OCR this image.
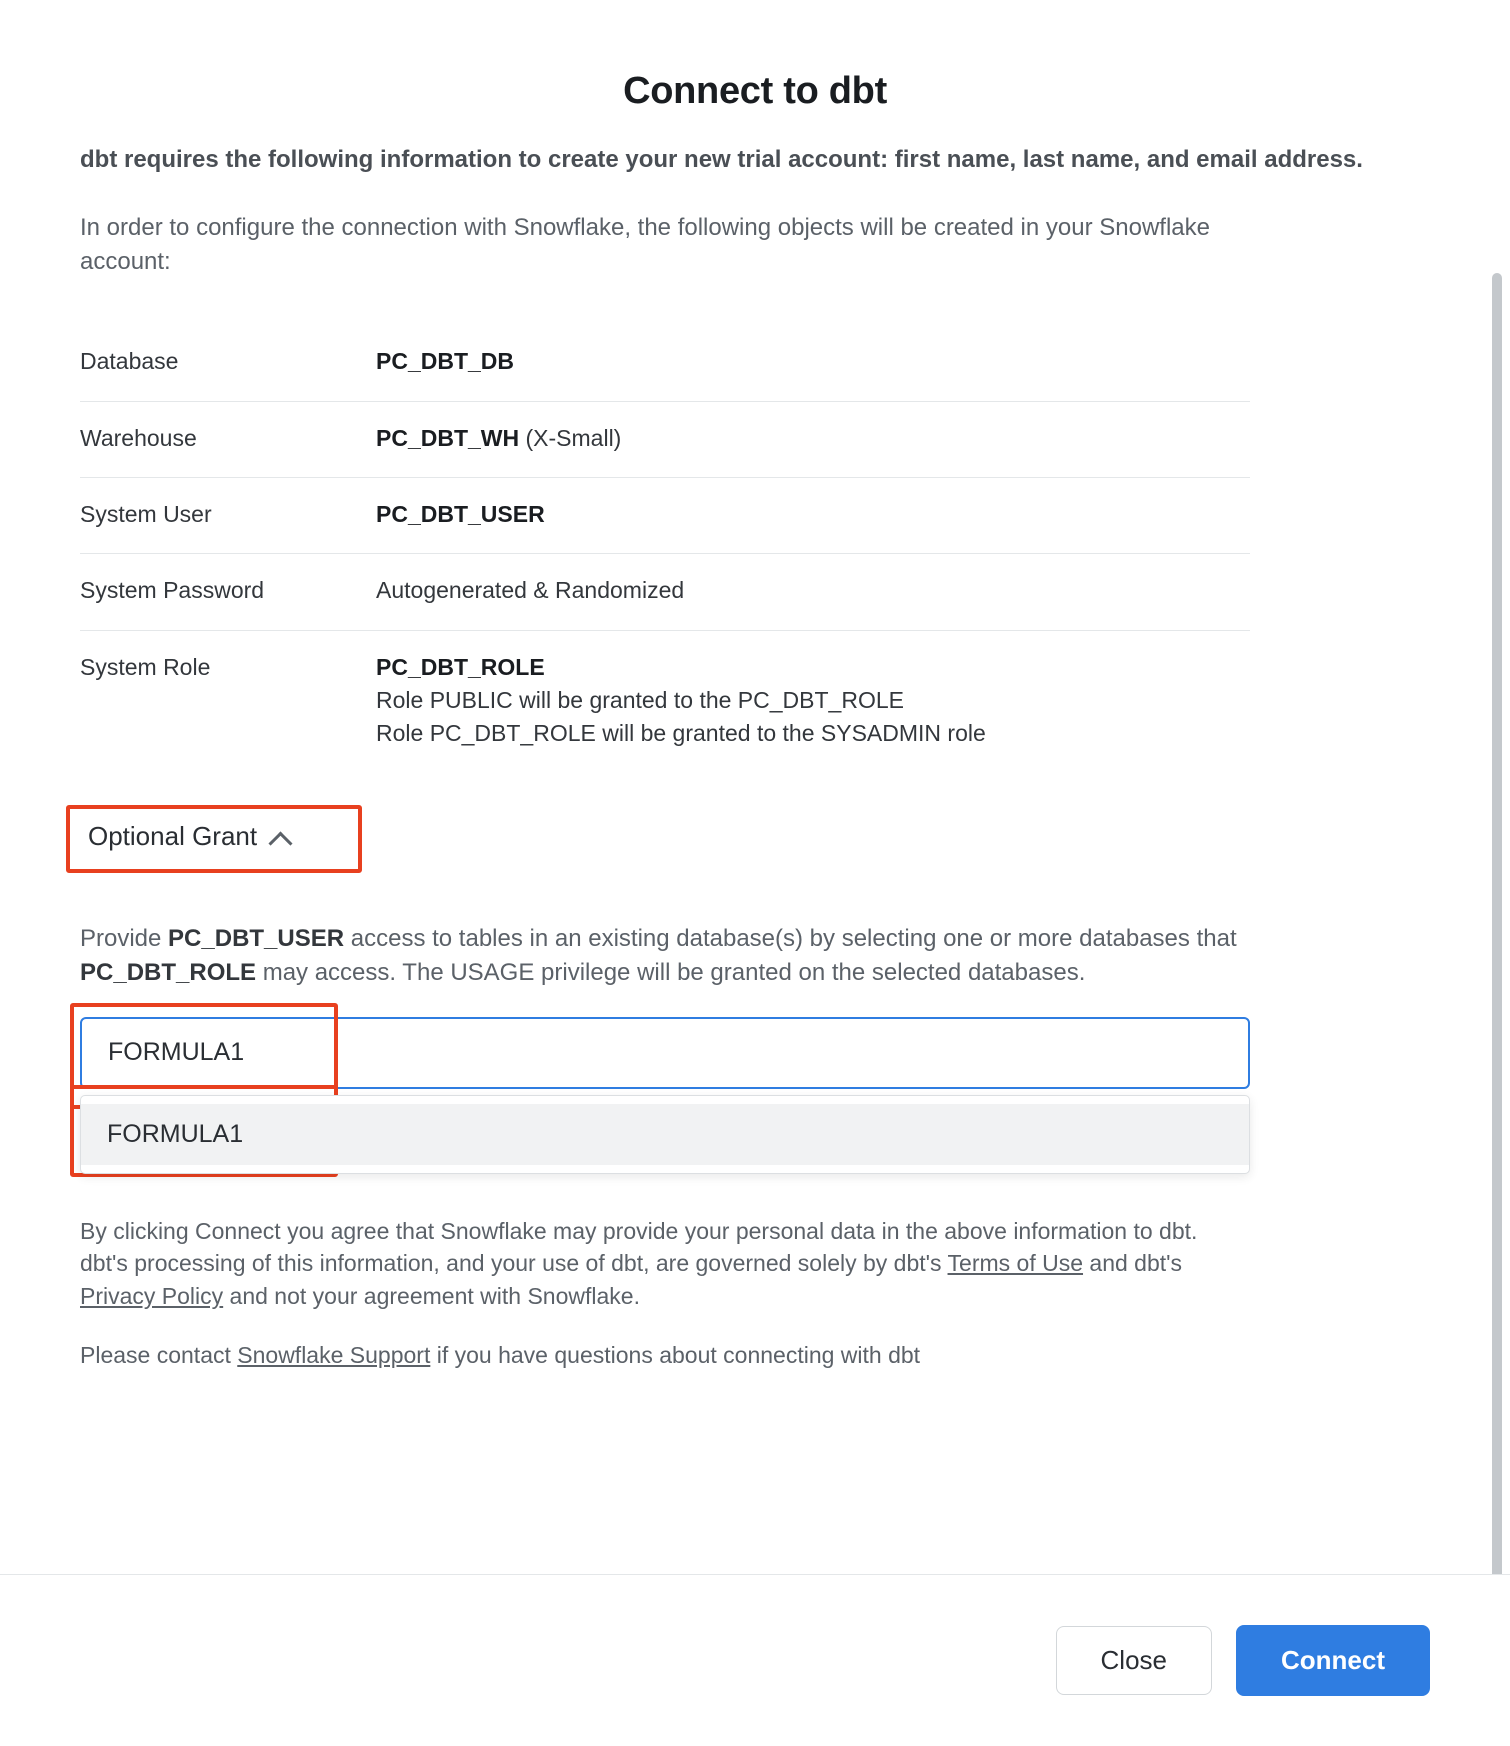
Connect to dbt

dbt requires the following information to create your new trial account: first name, last name, and email address.

In order to configure the connection with Snowflake, the following objects will be created in your Snowflake account:

Database	PC_DBT_DB
Warehouse	PC_DBT_WH (X-Small)
System User	PC_DBT_USER
System Password	Autogenerated & Randomized
System Role	PC_DBT_ROLE
Role PUBLIC will be granted to the PC_DBT_ROLE
Role PC_DBT_ROLE will be granted to the SYSADMIN role
Optional Grant

Provide PC_DBT_USER access to tables in an existing database(s) by selecting one or more databases that PC_DBT_ROLE may access. The USAGE privilege will be granted on the selected databases.

FORMULA1
FORMULA1

By clicking Connect you agree that Snowflake may provide your personal data in the above information to dbt. dbt's processing of this information, and your use of dbt, are governed solely by dbt's Terms of Use and dbt's Privacy Policy and not your agreement with Snowflake.

Please contact Snowflake Support if you have questions about connecting with dbt

Close	Connect
